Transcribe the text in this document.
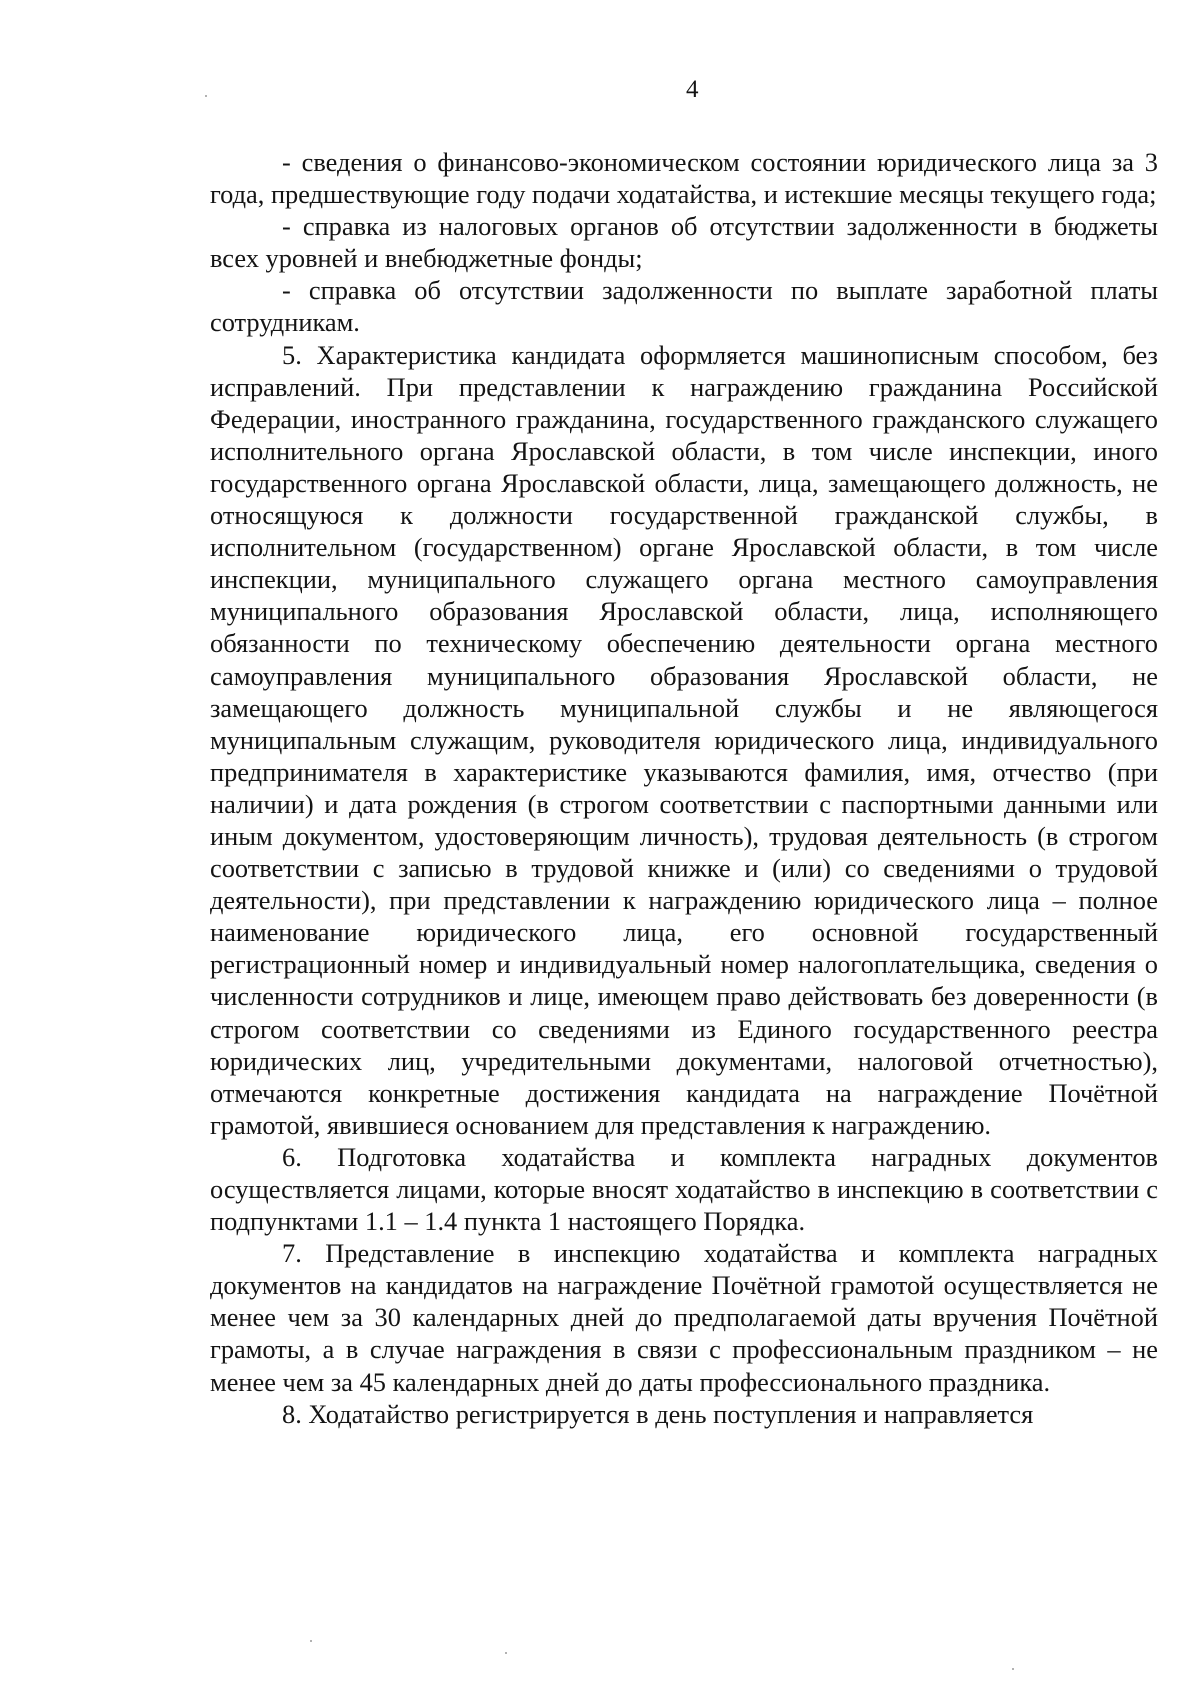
4

- сведения о финансово-экономическом состоянии юридического лица за 3 года, предшествующие году подачи ходатайства, и истекшие месяцы текущего года;

- справка из налоговых органов об отсутствии задолженности в бюджеты всех уровней и внебюджетные фонды;

- справка об отсутствии задолженности по выплате заработной платы сотрудникам.

5. Характеристика кандидата оформляется машинописным способом, без исправлений. При представлении к награждению гражданина Российской Федерации, иностранного гражданина, государственного гражданского служащего исполнительного органа Ярославской области, в том числе инспекции, иного государственного органа Ярославской области, лица, замещающего должность, не относящуюся к должности государственной гражданской службы, в исполнительном (государственном) органе Ярославской области, в том числе инспекции, муниципального служащего органа местного самоуправления муниципального образования Ярославской области, лица, исполняющего обязанности по техническому обеспечению деятельности органа местного самоуправления муниципального образования Ярославской области, не замещающего должность муниципальной службы и не являющегося муниципальным служащим, руководителя юридического лица, индивидуального предпринимателя в характеристике указываются фамилия, имя, отчество (при наличии) и дата рождения (в строгом соответствии с паспортными данными или иным документом, удостоверяющим личность), трудовая деятельность (в строгом соответствии с записью в трудовой книжке и (или) со сведениями о трудовой деятельности), при представлении к награждению юридического лица – полное наименование юридического лица, его основной государственный регистрационный номер и индивидуальный номер налогоплательщика, сведения о численности сотрудников и лице, имеющем право действовать без доверенности (в строгом соответствии со сведениями из Единого государственного реестра юридических лиц, учредительными документами, налоговой отчетностью), отмечаются конкретные достижения кандидата на награждение Почётной грамотой, явившиеся основанием для представления к награждению.

6. Подготовка ходатайства и комплекта наградных документов осуществляется лицами, которые вносят ходатайство в инспекцию в соответствии с подпунктами 1.1 – 1.4 пункта 1 настоящего Порядка.

7. Представление в инспекцию ходатайства и комплекта наградных документов на кандидатов на награждение Почётной грамотой осуществляется не менее чем за 30 календарных дней до предполагаемой даты вручения Почётной грамоты, а в случае награждения в связи с профессиональным праздником – не менее чем за 45 календарных дней до даты профессионального праздника.

8. Ходатайство регистрируется в день поступления и направляется
